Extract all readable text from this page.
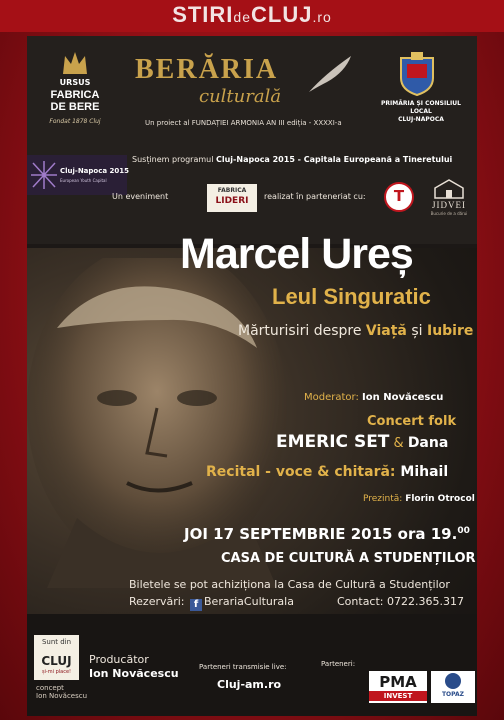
STIRIdeCLUJ.ro
URSUS
FABRICA
DE BERE
Fondat 1878 Cluj
BERĂRIA
culturală
Un proiect al FUNDAȚIEI ARMONIA AN III ediția - XXXXI-a
PRIMĂRIA ȘI CONSILIUL LOCAL
CLUJ-NAPOCA
Cluj-Napoca 2015
European Youth Capital
Susținem programul Cluj-Napoca 2015 - Capitala Europeană a Tineretului
Un eveniment
FABRICA
LIDERI	realizat în parteneriat cu:	T	JIDVEI
Bucurie de a dărui
Marcel Ureș
Leul Singuratic
Mărturisiri despre Viață și Iubire
Moderator: Ion Novăcescu
Concert folk
EMERIC SET & Dana
Recital - voce & chitară: Mihail
Prezintă: Florin Otrocol
JOI 17 SEPTEMBRIE 2015 ora 19.00
CASA DE CULTURĂ A STUDENȚILOR
Biletele se pot achiziționa la Casa de Cultură a Studenților
Rezervări: f BerariaCulturala	Contact: 0722.365.317
Sunt din
CLUJ
și-mi place!
concept
Ion Novăcescu
Producător
Ion Novăcescu	Parteneri transmisie live:
Cluj-am.ro
Parteneri:
PMA
INVEST	TOPAZ
